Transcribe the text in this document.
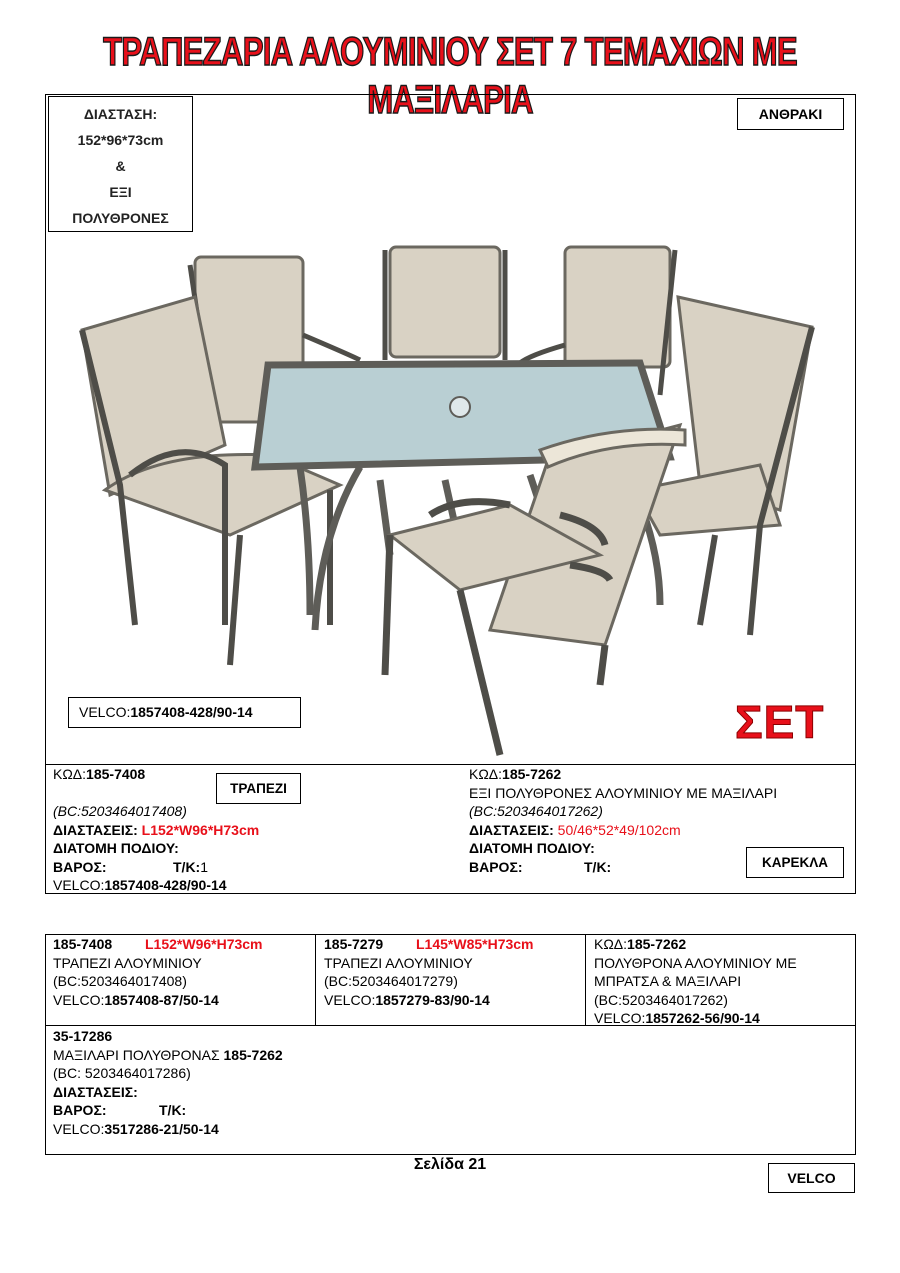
ΤΡΑΠΕΖΑΡΙΑ ΑΛΟΥΜΙΝΙΟΥ ΣΕΤ 7 ΤΕΜΑΧΙΩΝ ΜΕ ΜΑΞΙΛΑΡΙΑ
ΔΙΑΣΤΑΣΗ:
152*96*73cm
&
ΕΞΙ
ΠΟΛΥΘΡΟΝΕΣ
ΑΝΘΡΑΚΙ
VELCO:1857408-428/90-14	ΣΕΤ
ΚΩΔ:185-7408

(BC:5203464017408)
ΔΙΑΣΤΑΣΕΙΣ: L152*W96*H73cm
ΔΙΑΤΟΜΗ ΠΟΔΙΟΥ:
ΒΑΡΟΣ:	Τ/Κ:1
VELCO:1857408-428/90-14
ΤΡΑΠΕΖΙ
ΚΩΔ:185-7262
ΕΞΙ ΠΟΛΥΘΡΟΝΕΣ ΑΛΟΥΜΙΝΙΟΥ ΜΕ ΜΑΞΙΛΑΡΙ
(BC:5203464017262)
ΔΙΑΣΤΑΣΕΙΣ: 50/46*52*49/102cm
ΔΙΑΤΟΜΗ ΠΟΔΙΟΥ:
ΒΑΡΟΣ:	Τ/Κ:	ΚΑΡΕΚΛΑ
185-7408 L152*W96*H73cm
ΤΡΑΠΕΖΙ ΑΛΟΥΜΙΝΙΟΥ
(BC:5203464017408)
VELCO:1857408-87/50-14
185-7279 L145*W85*H73cm
ΤΡΑΠΕΖΙ ΑΛΟΥΜΙΝΙΟΥ
(BC:5203464017279)
VELCO:1857279-83/90-14
ΚΩΔ:185-7262
ΠΟΛΥΘΡΟΝΑ ΑΛΟΥΜΙΝΙΟΥ ΜΕ
ΜΠΡΑΤΣΑ & ΜΑΞΙΛΑΡΙ
(BC:5203464017262)
VELCO:1857262-56/90-14
35-17286
ΜΑΞΙΛΑΡΙ ΠΟΛΥΘΡΟΝΑΣ 185-7262
(BC: 5203464017286)
ΔΙΑΣΤΑΣΕΙΣ:
ΒΑΡΟΣ:	Τ/Κ:
VELCO:3517286-21/50-14
Σελίδα 21
VELCO
